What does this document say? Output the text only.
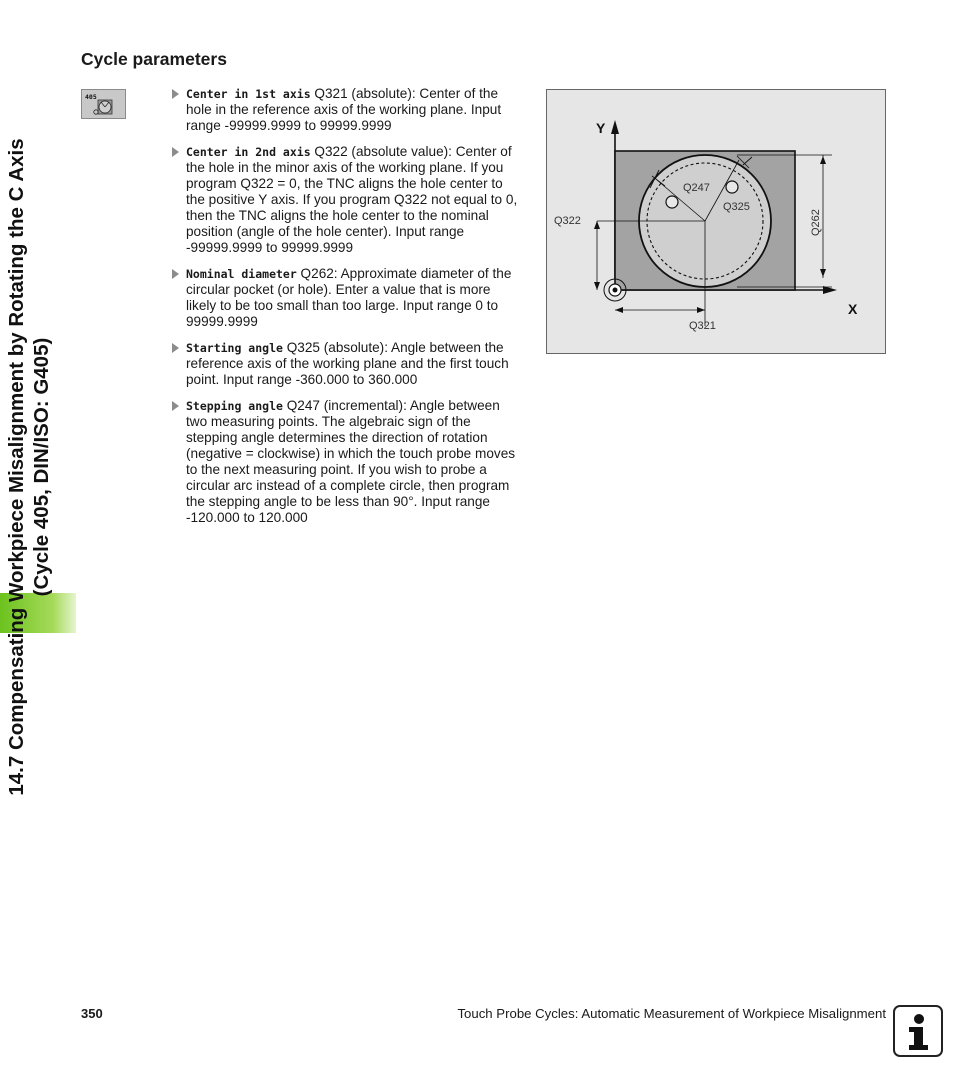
14.7 Compensating Workpiece Misalignment by Rotating the C Axis (Cycle 405, DIN/ISO: G405)
Cycle parameters
405	Center in 1st axis Q321 (absolute): Center of the hole in the reference axis of the working plane. Input range -99999.9999 to 99999.9999
Center in 2nd axis Q322 (absolute value): Center of the hole in the minor axis of the working plane. If you program Q322 = 0, the TNC aligns the hole center to the positive Y axis. If you program Q322 not equal to 0, then the TNC aligns the hole center to the nominal position (angle of the hole center). Input range -99999.9999 to 99999.9999
Nominal diameter Q262: Approximate diameter of the circular pocket (or hole). Enter a value that is more likely to be too small than too large. Input range 0 to 99999.9999
Starting angle Q325 (absolute): Angle between the reference axis of the working plane and the first touch point. Input range -360.000 to 360.000
Stepping angle Q247 (incremental): Angle between two measuring points. The algebraic sign of the stepping angle determines the direction of rotation (negative = clockwise) in which the touch probe moves to the next measuring point. If you wish to probe a circular arc instead of a complete circle, then program the stepping angle to be less than 90°. Input range -120.000 to 120.000
Y
X
Q247
Q325
Q322	Q262
Q321
350	Touch Probe Cycles: Automatic Measurement of Workpiece Misalignment
